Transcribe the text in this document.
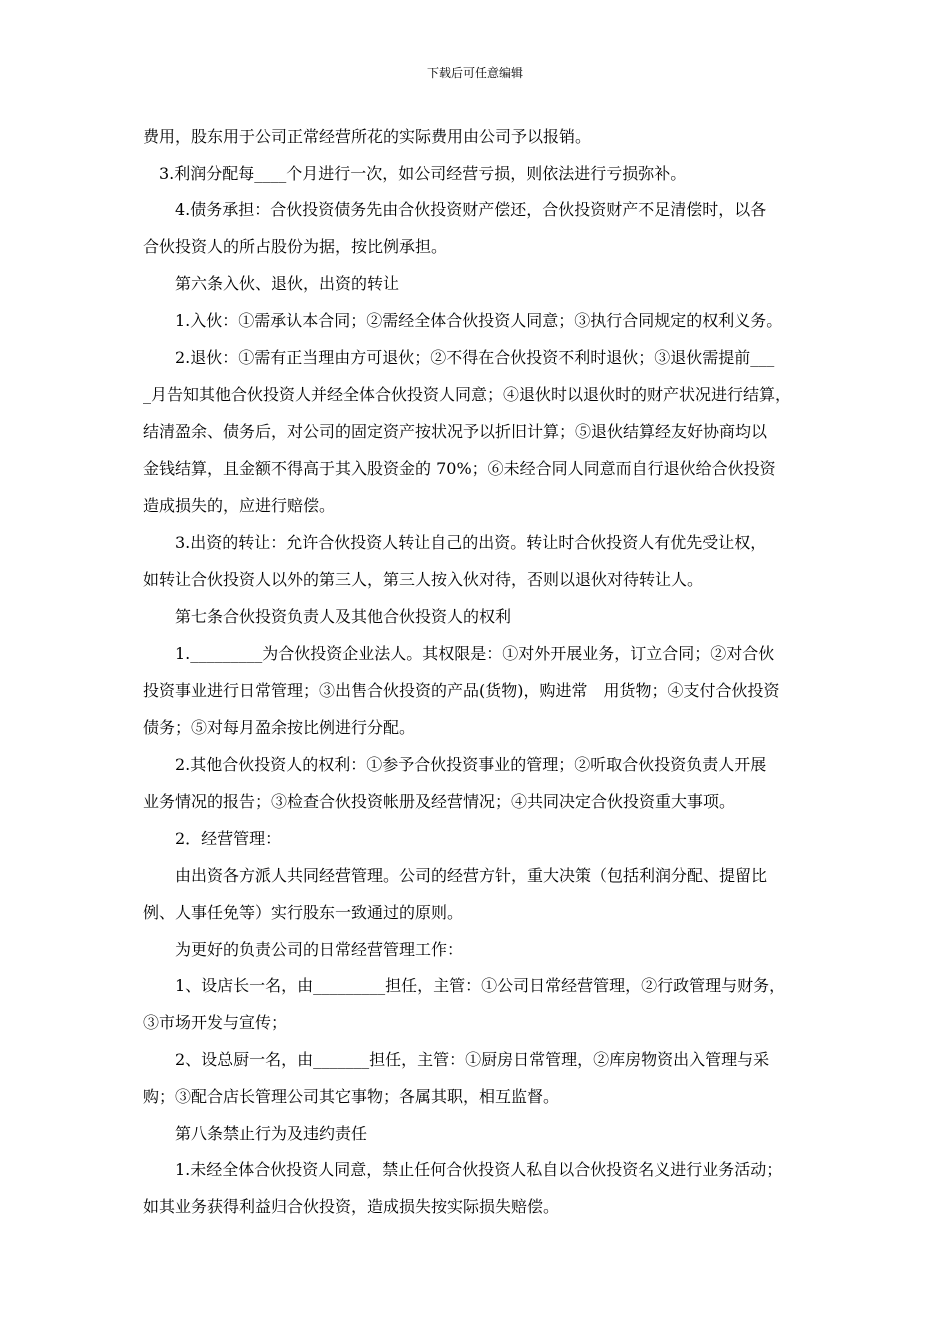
下载后可任意编辑
费用，股东用于公司正常经营所花的实际费用由公司予以报销。
　3.利润分配每____个月进行一次，如公司经营亏损，则依法进行亏损弥补。
　　4.债务承担：合伙投资债务先由合伙投资财产偿还，合伙投资财产不足清偿时，以各
合伙投资人的所占股份为据，按比例承担。
　　第六条入伙、退伙，出资的转让
　　1.入伙：①需承认本合同；②需经全体合伙投资人同意；③执行合同规定的权利义务。
　　2.退伙：①需有正当理由方可退伙；②不得在合伙投资不利时退伙；③退伙需提前___
_月告知其他合伙投资人并经全体合伙投资人同意；④退伙时以退伙时的财产状况进行结算，
结清盈余、债务后，对公司的固定资产按状况予以折旧计算；⑤退伙结算经友好协商均以
金钱结算，且金额不得高于其入股资金的 70%；⑥未经合同人同意而自行退伙给合伙投资
造成损失的，应进行赔偿。
　　3.出资的转让：允许合伙投资人转让自己的出资。转让时合伙投资人有优先受让权，
如转让合伙投资人以外的第三人，第三人按入伙对待，否则以退伙对待转让人。
　　第七条合伙投资负责人及其他合伙投资人的权利
　　1._________为合伙投资企业法人。其权限是：①对外开展业务，订立合同；②对合伙
投资事业进行日常管理；③出售合伙投资的产品(货物)，购进常　用货物；④支付合伙投资
债务；⑤对每月盈余按比例进行分配。
　　2.其他合伙投资人的权利：①参予合伙投资事业的管理；②听取合伙投资负责人开展
业务情况的报告；③检查合伙投资帐册及经营情况；④共同决定合伙投资重大事项。
　　2．经营管理：
　　由出资各方派人共同经营管理。公司的经营方针，重大决策（包括利润分配、提留比
例、人事任免等）实行股东一致通过的原则。
　　为更好的负责公司的日常经营管理工作：
　　1、设店长一名，由_________担任，主管：①公司日常经营管理，②行政管理与财务，
③市场开发与宣传；
　　2、设总厨一名，由_______担任，主管：①厨房日常管理，②库房物资出入管理与采
购；③配合店长管理公司其它事物；各属其职，相互监督。
　　第八条禁止行为及违约责任
　　1.未经全体合伙投资人同意，禁止任何合伙投资人私自以合伙投资名义进行业务活动；
如其业务获得利益归合伙投资，造成损失按实际损失赔偿。
